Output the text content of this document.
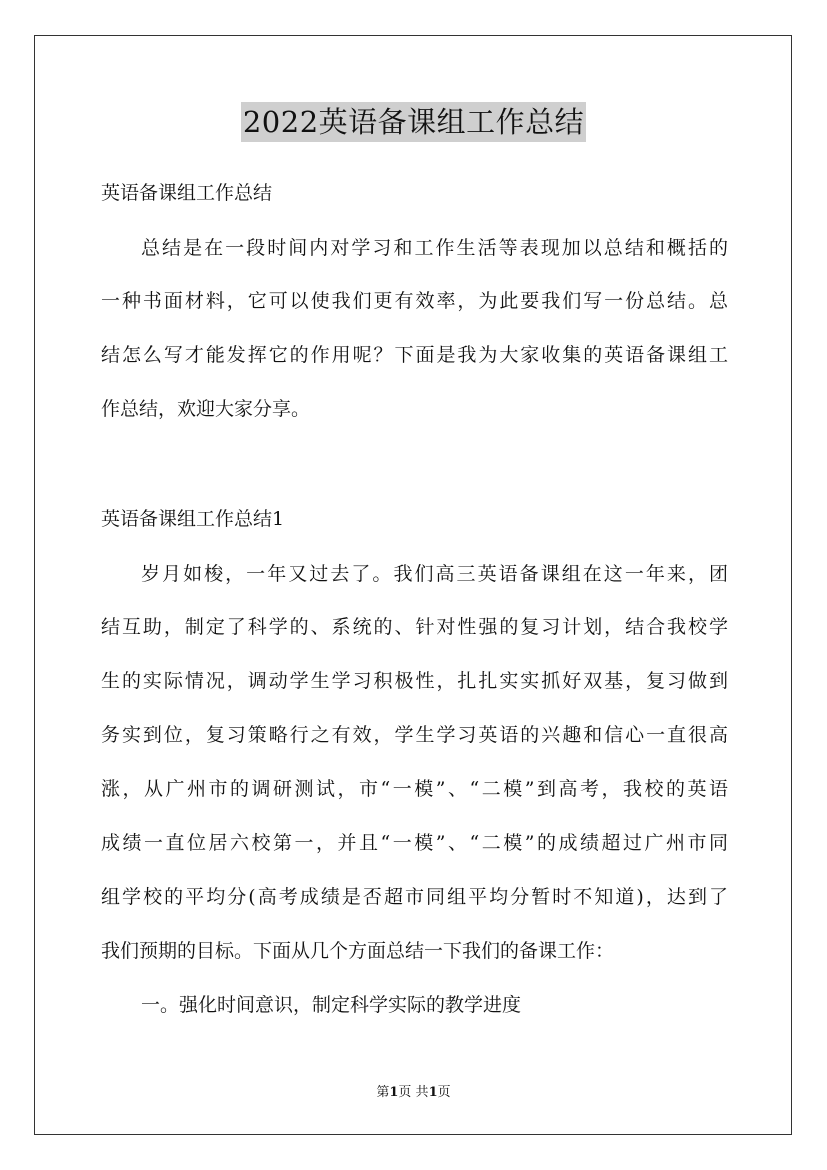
2022英语备课组工作总结
英语备课组工作总结
总结是在一段时间内对学习和工作生活等表现加以总结和概括的
一种书面材料，它可以使我们更有效率，为此要我们写一份总结。总
结怎么写才能发挥它的作用呢？下面是我为大家收集的英语备课组工
作总结，欢迎大家分享。
英语备课组工作总结1
岁月如梭，一年又过去了。我们高三英语备课组在这一年来，团
结互助，制定了科学的、系统的、针对性强的复习计划，结合我校学
生的实际情况，调动学生学习积极性，扎扎实实抓好双基，复习做到
务实到位，复习策略行之有效，学生学习英语的兴趣和信心一直很高
涨，从广州市的调研测试，市“一模”、“二模”到高考，我校的英语
成绩一直位居六校第一，并且“一模”、“二模”的成绩超过广州市同
组学校的平均分(高考成绩是否超市同组平均分暂时不知道)，达到了
我们预期的目标。下面从几个方面总结一下我们的备课工作：
一。强化时间意识，制定科学实际的教学进度
第1页 共1页
